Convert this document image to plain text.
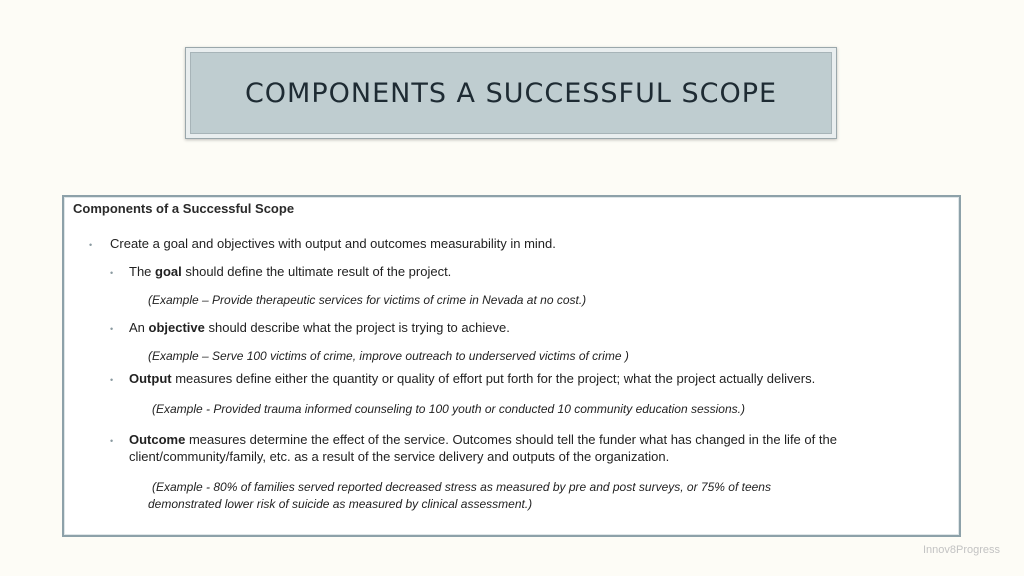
COMPONENTS A SUCCESSFUL SCOPE
Components of a Successful Scope
• Create a goal and objectives with output and outcomes measurability in mind.
• The goal should define the ultimate result of the project.
(Example – Provide therapeutic services for victims of crime in Nevada at no cost.)
• An objective should describe what the project is trying to achieve.
(Example – Serve 100 victims of crime, improve outreach to underserved victims of crime )
• Output measures define either the quantity or quality of effort put forth for the project; what the project actually delivers.
(Example - Provided trauma informed counseling to 100 youth or conducted 10 community education sessions.)
• Outcome measures determine the effect of the service. Outcomes should tell the funder what has changed in the life of the
client/community/family, etc. as a result of the service delivery and outputs of the organization.
(Example - 80% of families served reported decreased stress as measured by pre and post surveys, or 75% of teens
demonstrated lower risk of suicide as measured by clinical assessment.)
Innov8Progress
